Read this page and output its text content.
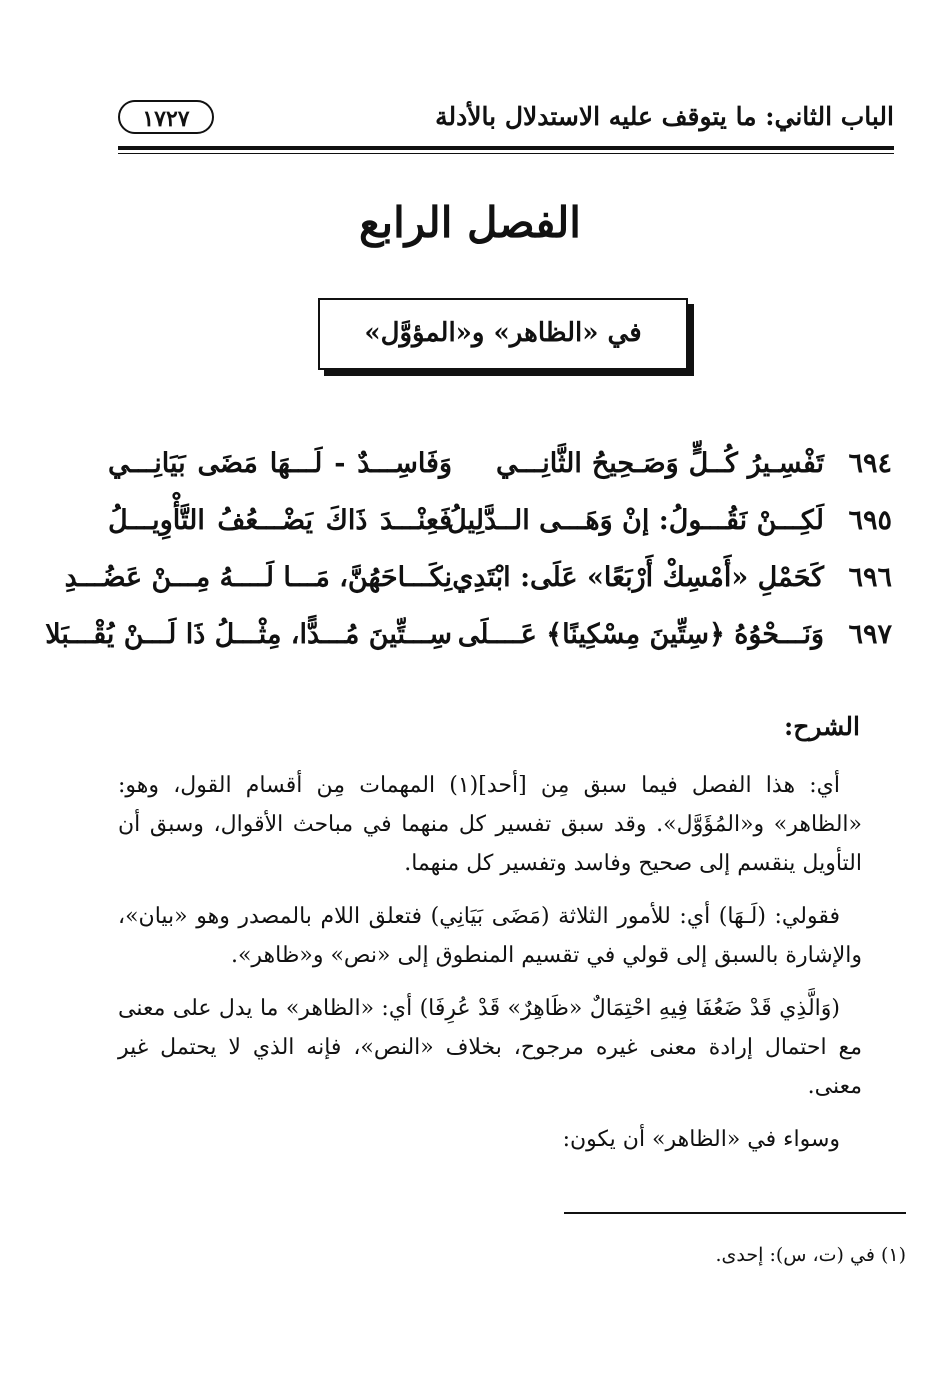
الباب الثاني: ما يتوقف عليه الاستدلال بالأدلة
١٧٢٧
الفصل الرابع
في «الظاهر» و«المؤوَّل»
٦٩٤
تَفْسِـيرُ كُــلٍّ وَصَـحِيحُ الثَّانِـــي
وَفَاسِـــدٌ - لَـــهَا مَضَى بَيَانِـــي
٦٩٥
لَكِـــنْ نَقُـــولُ: إنْ وَهَـــى الــدَّلِيلُ
فَعِنْـــدَ ذَاكَ يَضْـــعُفُ التَّأْوِيـــلُ
٦٩٦
كَحَمْلِ «أَمْسِكْ أَرْبَعًا» عَلَى: ابْتَدِي
نِكَـــاحَهُنَّ، مَـــا لَــــهُ مِـــنْ عَضُـــدِ
٦٩٧
وَنَـــحْوُهُ ﴿سِتِّينَ مِسْكِينًا﴾ عَــــلَى
سِـــتِّينَ مُـــدًّا، مِثْـــلُ ذَا لَـــنْ يُقْـــبَلا
الشرح:

أي: هذا الفصل فيما سبق مِن [أحد](١) المهمات مِن أقسام القول، وهو: «الظاهر» و«المُؤَوَّل». وقد سبق تفسير كل منهما في مباحث الأقوال، وسبق أن التأويل ينقسم إلى صحيح وفاسد وتفسير كل منهما.

فقولي: (لَـهَا) أي: للأمور الثلاثة (مَضَى بَيَانِي) فتعلق اللام بالمصدر وهو «بيان»، والإشارة بالسبق إلى قولي في تقسيم المنطوق إلى «نص» و«ظاهر».

(وَالَّذِي قَدْ ضَعُفَا فِيهِ احْتِمَالٌ «ظَاهِرٌ» قَدْ عُرِفَا) أي: «الظاهر» ما يدل على معنى مع احتمال إرادة معنى غيره مرجوح، بخلاف «النص»، فإنه الذي لا يحتمل غير معنى.

وسواء في «الظاهر» أن يكون:

(١) في (ت، س): إحدى.
